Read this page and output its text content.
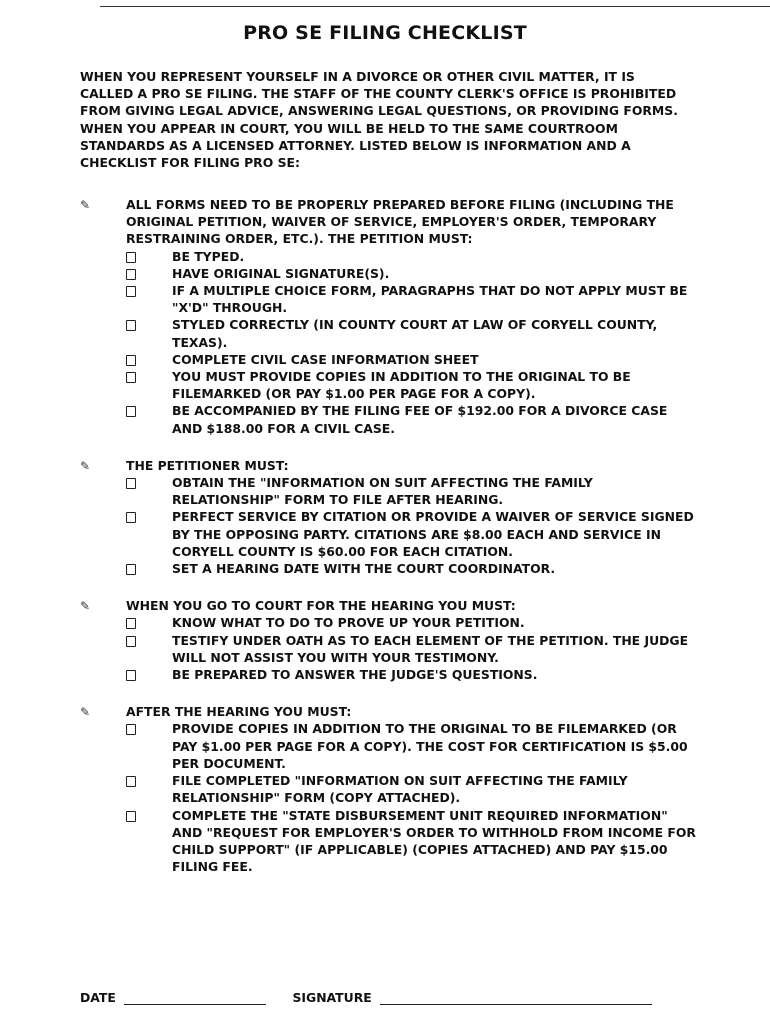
PRO SE FILING CHECKLIST

WHEN YOU REPRESENT YOURSELF IN A DIVORCE OR OTHER CIVIL MATTER, IT IS CALLED A PRO SE FILING. THE STAFF OF THE COUNTY CLERK'S OFFICE IS PROHIBITED FROM GIVING LEGAL ADVICE, ANSWERING LEGAL QUESTIONS, OR PROVIDING FORMS. WHEN YOU APPEAR IN COURT, YOU WILL BE HELD TO THE SAME COURTROOM STANDARDS AS A LICENSED ATTORNEY. LISTED BELOW IS INFORMATION AND A CHECKLIST FOR FILING PRO SE:

✎	ALL FORMS NEED TO BE PROPERLY PREPARED BEFORE FILING (INCLUDING THE ORIGINAL PETITION, WAIVER OF SERVICE, EMPLOYER'S ORDER, TEMPORARY RESTRAINING ORDER, ETC.). THE PETITION MUST:
BE TYPED.
HAVE ORIGINAL SIGNATURE(S).
IF A MULTIPLE CHOICE FORM, PARAGRAPHS THAT DO NOT APPLY MUST BE "X'D" THROUGH.
STYLED CORRECTLY (IN COUNTY COURT AT LAW OF CORYELL COUNTY, TEXAS).
COMPLETE CIVIL CASE INFORMATION SHEET
YOU MUST PROVIDE COPIES IN ADDITION TO THE ORIGINAL TO BE FILEMARKED (OR PAY $1.00 PER PAGE FOR A COPY).
BE ACCOMPANIED BY THE FILING FEE OF $192.00 FOR A DIVORCE CASE AND $188.00 FOR A CIVIL CASE.
✎	THE PETITIONER MUST:
OBTAIN THE "INFORMATION ON SUIT AFFECTING THE FAMILY RELATIONSHIP" FORM TO FILE AFTER HEARING.
PERFECT SERVICE BY CITATION OR PROVIDE A WAIVER OF SERVICE SIGNED BY THE OPPOSING PARTY. CITATIONS ARE $8.00 EACH AND SERVICE IN CORYELL COUNTY IS $60.00 FOR EACH CITATION.
SET A HEARING DATE WITH THE COURT COORDINATOR.
✎	WHEN YOU GO TO COURT FOR THE HEARING YOU MUST:
KNOW WHAT TO DO TO PROVE UP YOUR PETITION.
TESTIFY UNDER OATH AS TO EACH ELEMENT OF THE PETITION. THE JUDGE WILL NOT ASSIST YOU WITH YOUR TESTIMONY.
BE PREPARED TO ANSWER THE JUDGE'S QUESTIONS.
✎	AFTER THE HEARING YOU MUST:
PROVIDE COPIES IN ADDITION TO THE ORIGINAL TO BE FILEMARKED (OR PAY $1.00 PER PAGE FOR A COPY). THE COST FOR CERTIFICATION IS $5.00 PER DOCUMENT.
FILE COMPLETED "INFORMATION ON SUIT AFFECTING THE FAMILY RELATIONSHIP" FORM (COPY ATTACHED).
COMPLETE THE "STATE DISBURSEMENT UNIT REQUIRED INFORMATION" AND "REQUEST FOR EMPLOYER'S ORDER TO WITHHOLD FROM INCOME FOR CHILD SUPPORT" (IF APPLICABLE) (COPIES ATTACHED) AND PAY $15.00 FILING FEE.
DATE	SIGNATURE
